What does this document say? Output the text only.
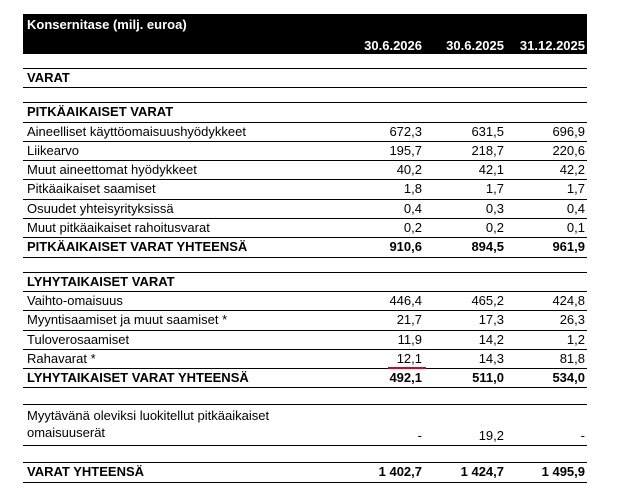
Konsernitase (milj. euroa)
30.6.2026 30.6.2025 31.12.2025
VARAT
PITKÄAIKAISET VARAT
Aineelliset käyttöomaisuushyödykkeet	672,3	631,5	696,9
Liikearvo	195,7	218,7	220,6
Muut aineettomat hyödykkeet	40,2	42,1	42,2
Pitkäaikaiset saamiset	1,8	1,7	1,7
Osuudet yhteisyrityksissä	0,4	0,3	0,4
Muut pitkäaikaiset rahoitusvarat	0,2	0,2	0,1
PITKÄAIKAISET VARAT YHTEENSÄ	910,6	894,5	961,9
LYHYTAIKAISET VARAT
Vaihto-omaisuus	446,4	465,2	424,8
Myyntisaamiset ja muut saamiset *	21,7	17,3	26,3
Tuloverosaamiset	11,9	14,2	1,2
Rahavarat *	12,1	14,3	81,8
LYHYTAIKAISET VARAT YHTEENSÄ	492,1	511,0	534,0
Myytävänä oleviksi luokitellut pitkäaikaiset
omaisuuserät	-	19,2	-
VARAT YHTEENSÄ	1 402,7	1 424,7	1 495,9
